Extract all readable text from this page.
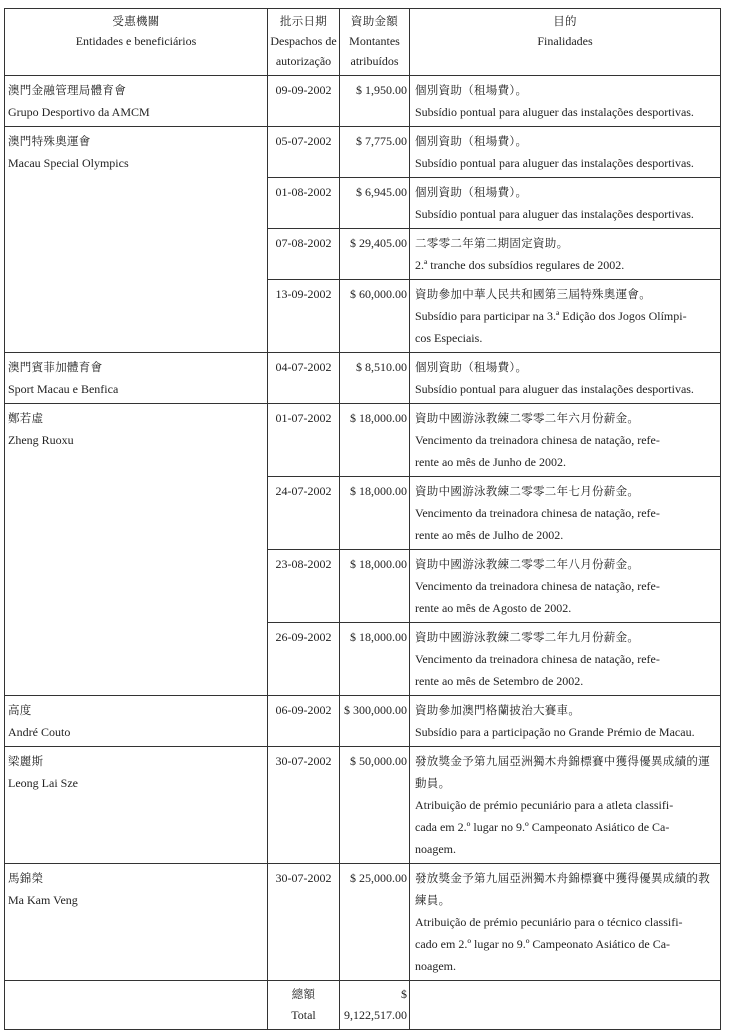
受惠機關
Entidades e beneficiários	批示日期
Despachos de
autorização	資助金額
Montantes
atribuídos	目的
Finalidades

澳門金融管理局體育會
Grupo Desportivo da AMCM	09-09-2002	$ 1,950.00	個別資助（租場費）。
Subsídio pontual para aluguer das instalações desportivas.

澳門特殊奧運會
Macau Special Olympics	05-07-2002	$ 7,775.00	個別資助（租場費）。
Subsídio pontual para aluguer das instalações desportivas.

	01-08-2002	$ 6,945.00	個別資助（租場費）。
Subsídio pontual para aluguer das instalações desportivas.

	07-08-2002	$ 29,405.00	二零零二年第二期固定資助。
2.ª tranche dos subsídios regulares de 2002.

	13-09-2002	$ 60,000.00	資助參加中華人民共和國第三屆特殊奧運會。
Subsídio para participar na 3.ª Edição dos Jogos Olímpi-
cos Especiais.

澳門賓菲加體育會
Sport Macau e Benfica	04-07-2002	$ 8,510.00	個別資助（租場費）。
Subsídio pontual para aluguer das instalações desportivas.

鄭若虛
Zheng Ruoxu	01-07-2002	$ 18,000.00	資助中國游泳教練二零零二年六月份薪金。
Vencimento da treinadora chinesa de natação, refe-
rente ao mês de Junho de 2002.

	24-07-2002	$ 18,000.00	資助中國游泳教練二零零二年七月份薪金。
Vencimento da treinadora chinesa de natação, refe-
rente ao mês de Julho de 2002.

	23-08-2002	$ 18,000.00	資助中國游泳教練二零零二年八月份薪金。
Vencimento da treinadora chinesa de natação, refe-
rente ao mês de Agosto de 2002.

	26-09-2002	$ 18,000.00	資助中國游泳教練二零零二年九月份薪金。
Vencimento da treinadora chinesa de natação, refe-
rente ao mês de Setembro de 2002.

高度
André Couto	06-09-2002	$ 300,000.00	資助參加澳門格蘭披治大賽車。
Subsídio para a participação no Grande Prémio de Macau.

梁麗斯
Leong Lai Sze	30-07-2002	$ 50,000.00	發放獎金予第九屆亞洲獨木舟錦標賽中獲得優異成績的運動員。
Atribuição de prémio pecuniário para a atleta classifi-
cada em 2.º lugar no 9.º Campeonato Asiático de Ca-
noagem.

馬錦榮
Ma Kam Veng	30-07-2002	$ 25,000.00	發放獎金予第九屆亞洲獨木舟錦標賽中獲得優異成績的教練員。
Atribuição de prémio pecuniário para o técnico classifi-
cado em 2.º lugar no 9.º Campeonato Asiático de Ca-
noagem.

	總額
Total	$ 9,122,517.00	
